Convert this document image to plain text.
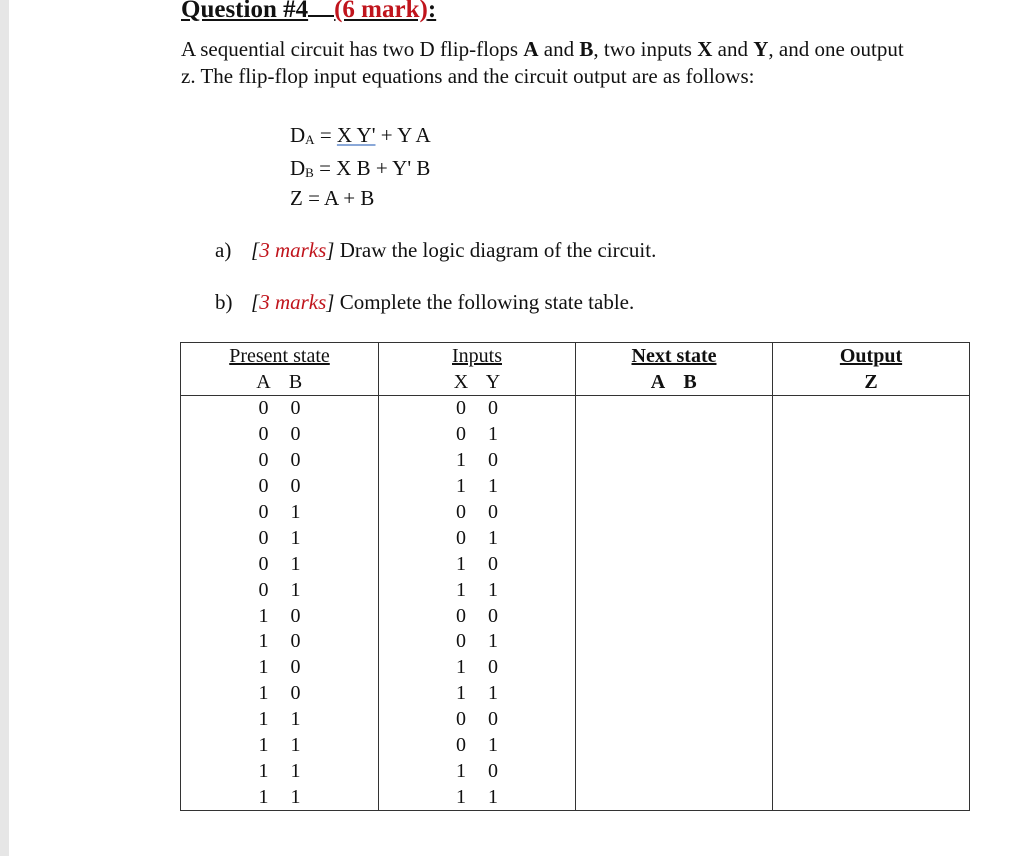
Question #4 (6 mark):
A sequential circuit has two D flip-flops A and B, two inputs X and Y, and one output
z. The flip-flop input equations and the circuit output are as follows:
$D_A = X$ Y' + Y A
$D_B = X$ B + Y' B
Z = A + B
a) [3 marks] Draw the logic diagram of the circuit.
b) [3 marks] Complete the following state table.
Present state	Inputs	Next state	Output
A B	X Y	A B	Z
0 0	0 0		
0 0	0 1		
0 0	1 0		
0 0	1 1		
0 1	0 0		
0 1	0 1		
0 1	1 0		
0 1	1 1		
1 0	0 0		
1 0	0 1		
1 0	1 0		
1 0	1 1		
1 1	0 0		
1 1	0 1		
1 1	1 0		
1 1	1 1		
